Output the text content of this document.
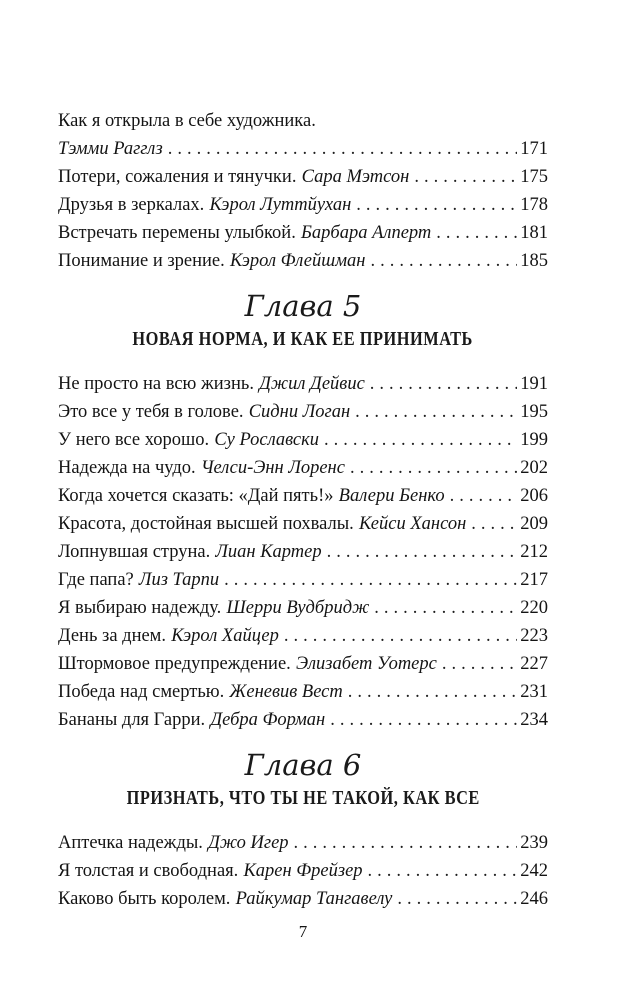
Как я открыла в себе художника.
Тэмми Рагглз .....	171
Потери, сожаления и тянучки. Сара Мэтсон .....	175
Друзья в зеркалах. Кэрол Луттйухан .....	178
Встречать перемены улыбкой. Барбара Алперт .....	181
Понимание и зрение. Кэрол Флейшман .....	185
Глава 5
НОВАЯ НОРМА, И КАК ЕЕ ПРИНИМАТЬ
Не просто на всю жизнь. Джил Дейвис .....	191
Это все у тебя в голове. Сидни Логан .....	195
У него все хорошо. Су Рославски .....	199
Надежда на чудо. Челси-Энн Лоренс .....	202
Когда хочется сказать: «Дай пять!» Валери Бенко .....	206
Красота, достойная высшей похвалы. Кейси Хансон .....	209
Лопнувшая струна. Лиан Картер .....	212
Где папа? Лиз Тарпи .....	217
Я выбираю надежду. Шерри Вудбридж .....	220
День за днем. Кэрол Хайцер .....	223
Штормовое предупреждение. Элизабет Уотерс .....	227
Победа над смертью. Женевив Вест .....	231
Бананы для Гарри. Дебра Форман .....	234
Глава 6
ПРИЗНАТЬ, ЧТО ТЫ НЕ ТАКОЙ, КАК ВСЕ
Аптечка надежды. Джо Игер .....	239
Я толстая и свободная. Карен Фрейзер .....	242
Каково быть королем. Райкумар Тангавелу .....	246
7
